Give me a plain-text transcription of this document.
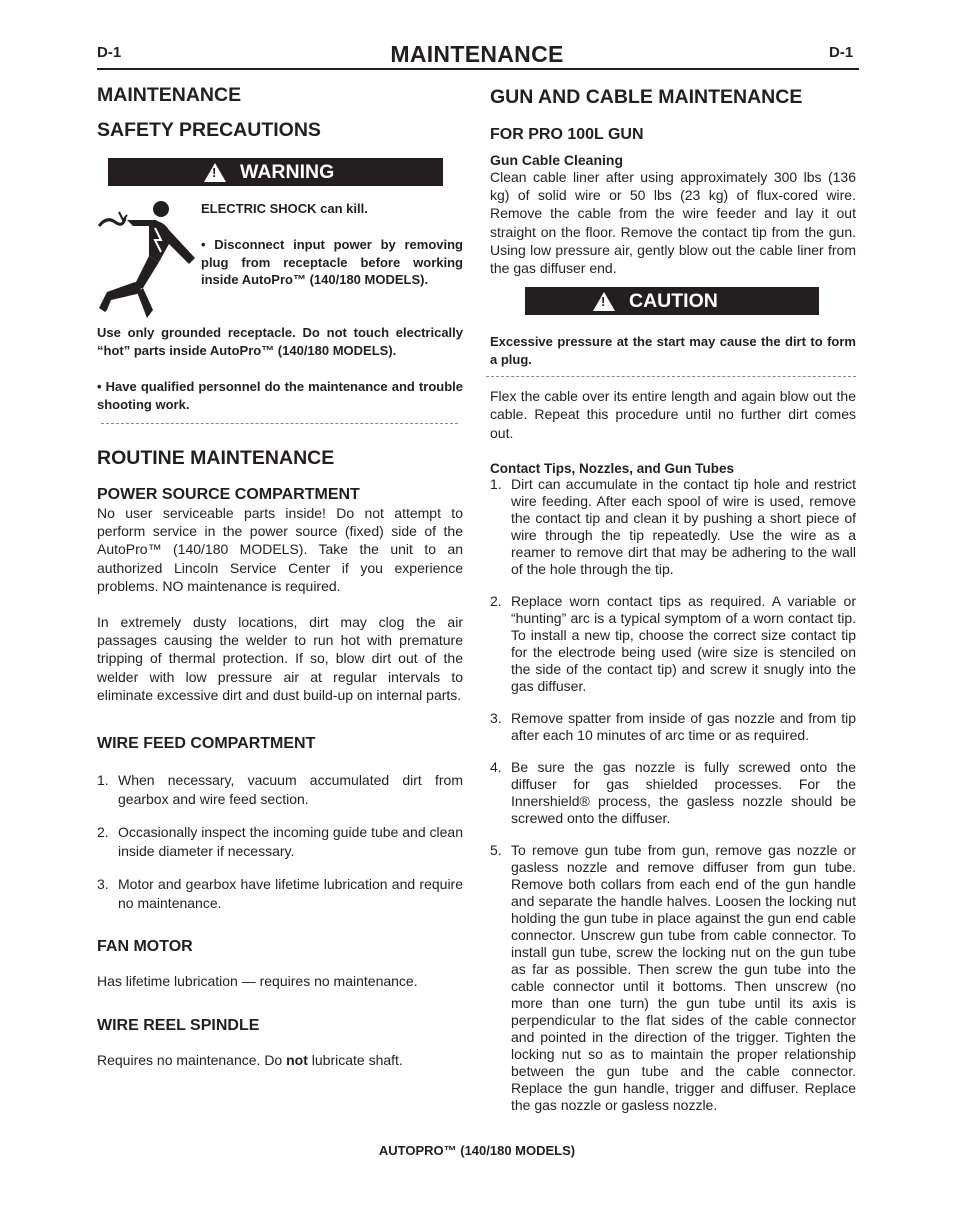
D-1	MAINTENANCE	D-1
MAINTENANCE
SAFETY PRECAUTIONS
!
WARNING

ELECTRIC SHOCK can kill.

• Disconnect input power by removing plug from receptacle before working inside AutoPro™ (140/180 MODELS).

Use only grounded receptacle. Do not touch electrically “hot” parts inside AutoPro™ (140/180 MODELS).

• Have qualified personnel do the maintenance and trouble shooting work.

ROUTINE MAINTENANCE
POWER SOURCE COMPARTMENT

No user serviceable parts inside! Do not attempt to perform service in the power source (fixed) side of the AutoPro™ (140/180 MODELS). Take the unit to an authorized Lincoln Service Center if you experience problems. NO maintenance is required.

In extremely dusty locations, dirt may clog the air passages causing the welder to run hot with premature tripping of thermal protection. If so, blow dirt out of the welder with low pressure air at regular intervals to eliminate excessive dirt and dust build-up on internal parts.

WIRE FEED COMPARTMENT
1. When necessary, vacuum accumulated dirt from gearbox and wire feed section.
2. Occasionally inspect the incoming guide tube and clean inside diameter if necessary.
3. Motor and gearbox have lifetime lubrication and require no maintenance.
FAN MOTOR

Has lifetime lubrication — requires no maintenance.

WIRE REEL SPINDLE

Requires no maintenance. Do not lubricate shaft.

GUN AND CABLE MAINTENANCE
FOR PRO 100L GUN
Gun Cable Cleaning

Clean cable liner after using approximately 300 lbs (136 kg) of solid wire or 50 lbs (23 kg) of flux-cored wire. Remove the cable from the wire feeder and lay it out straight on the floor. Remove the contact tip from the gun. Using low pressure air, gently blow out the cable liner from the gas diffuser end.

!
CAUTION

Excessive pressure at the start may cause the dirt to form a plug.

Flex the cable over its entire length and again blow out the cable. Repeat this procedure until no further dirt comes out.

Contact Tips, Nozzles, and Gun Tubes
1. Dirt can accumulate in the contact tip hole and restrict wire feeding. After each spool of wire is used, remove the contact tip and clean it by pushing a short piece of wire through the tip repeatedly. Use the wire as a reamer to remove dirt that may be adhering to the wall of the hole through the tip.
2. Replace worn contact tips as required. A variable or “hunting” arc is a typical symptom of a worn contact tip. To install a new tip, choose the correct size contact tip for the electrode being used (wire size is stenciled on the side of the contact tip) and screw it snugly into the gas diffuser.
3. Remove spatter from inside of gas nozzle and from tip after each 10 minutes of arc time or as required.
4. Be sure the gas nozzle is fully screwed onto the diffuser for gas shielded processes. For the Innershield® process, the gasless nozzle should be screwed onto the diffuser.
5. To remove gun tube from gun, remove gas nozzle or gasless nozzle and remove diffuser from gun tube. Remove both collars from each end of the gun handle and separate the handle halves. Loosen the locking nut holding the gun tube in place against the gun end cable connector. Unscrew gun tube from cable connector. To install gun tube, screw the locking nut on the gun tube as far as possible. Then screw the gun tube into the cable connector until it bottoms. Then unscrew (no more than one turn) the gun tube until its axis is perpendicular to the flat sides of the cable connector and pointed in the direction of the trigger. Tighten the locking nut so as to maintain the proper relationship between the gun tube and the cable connector. Replace the gun handle, trigger and diffuser. Replace the gas nozzle or gasless nozzle.
AUTOPRO™ (140/180 MODELS)
